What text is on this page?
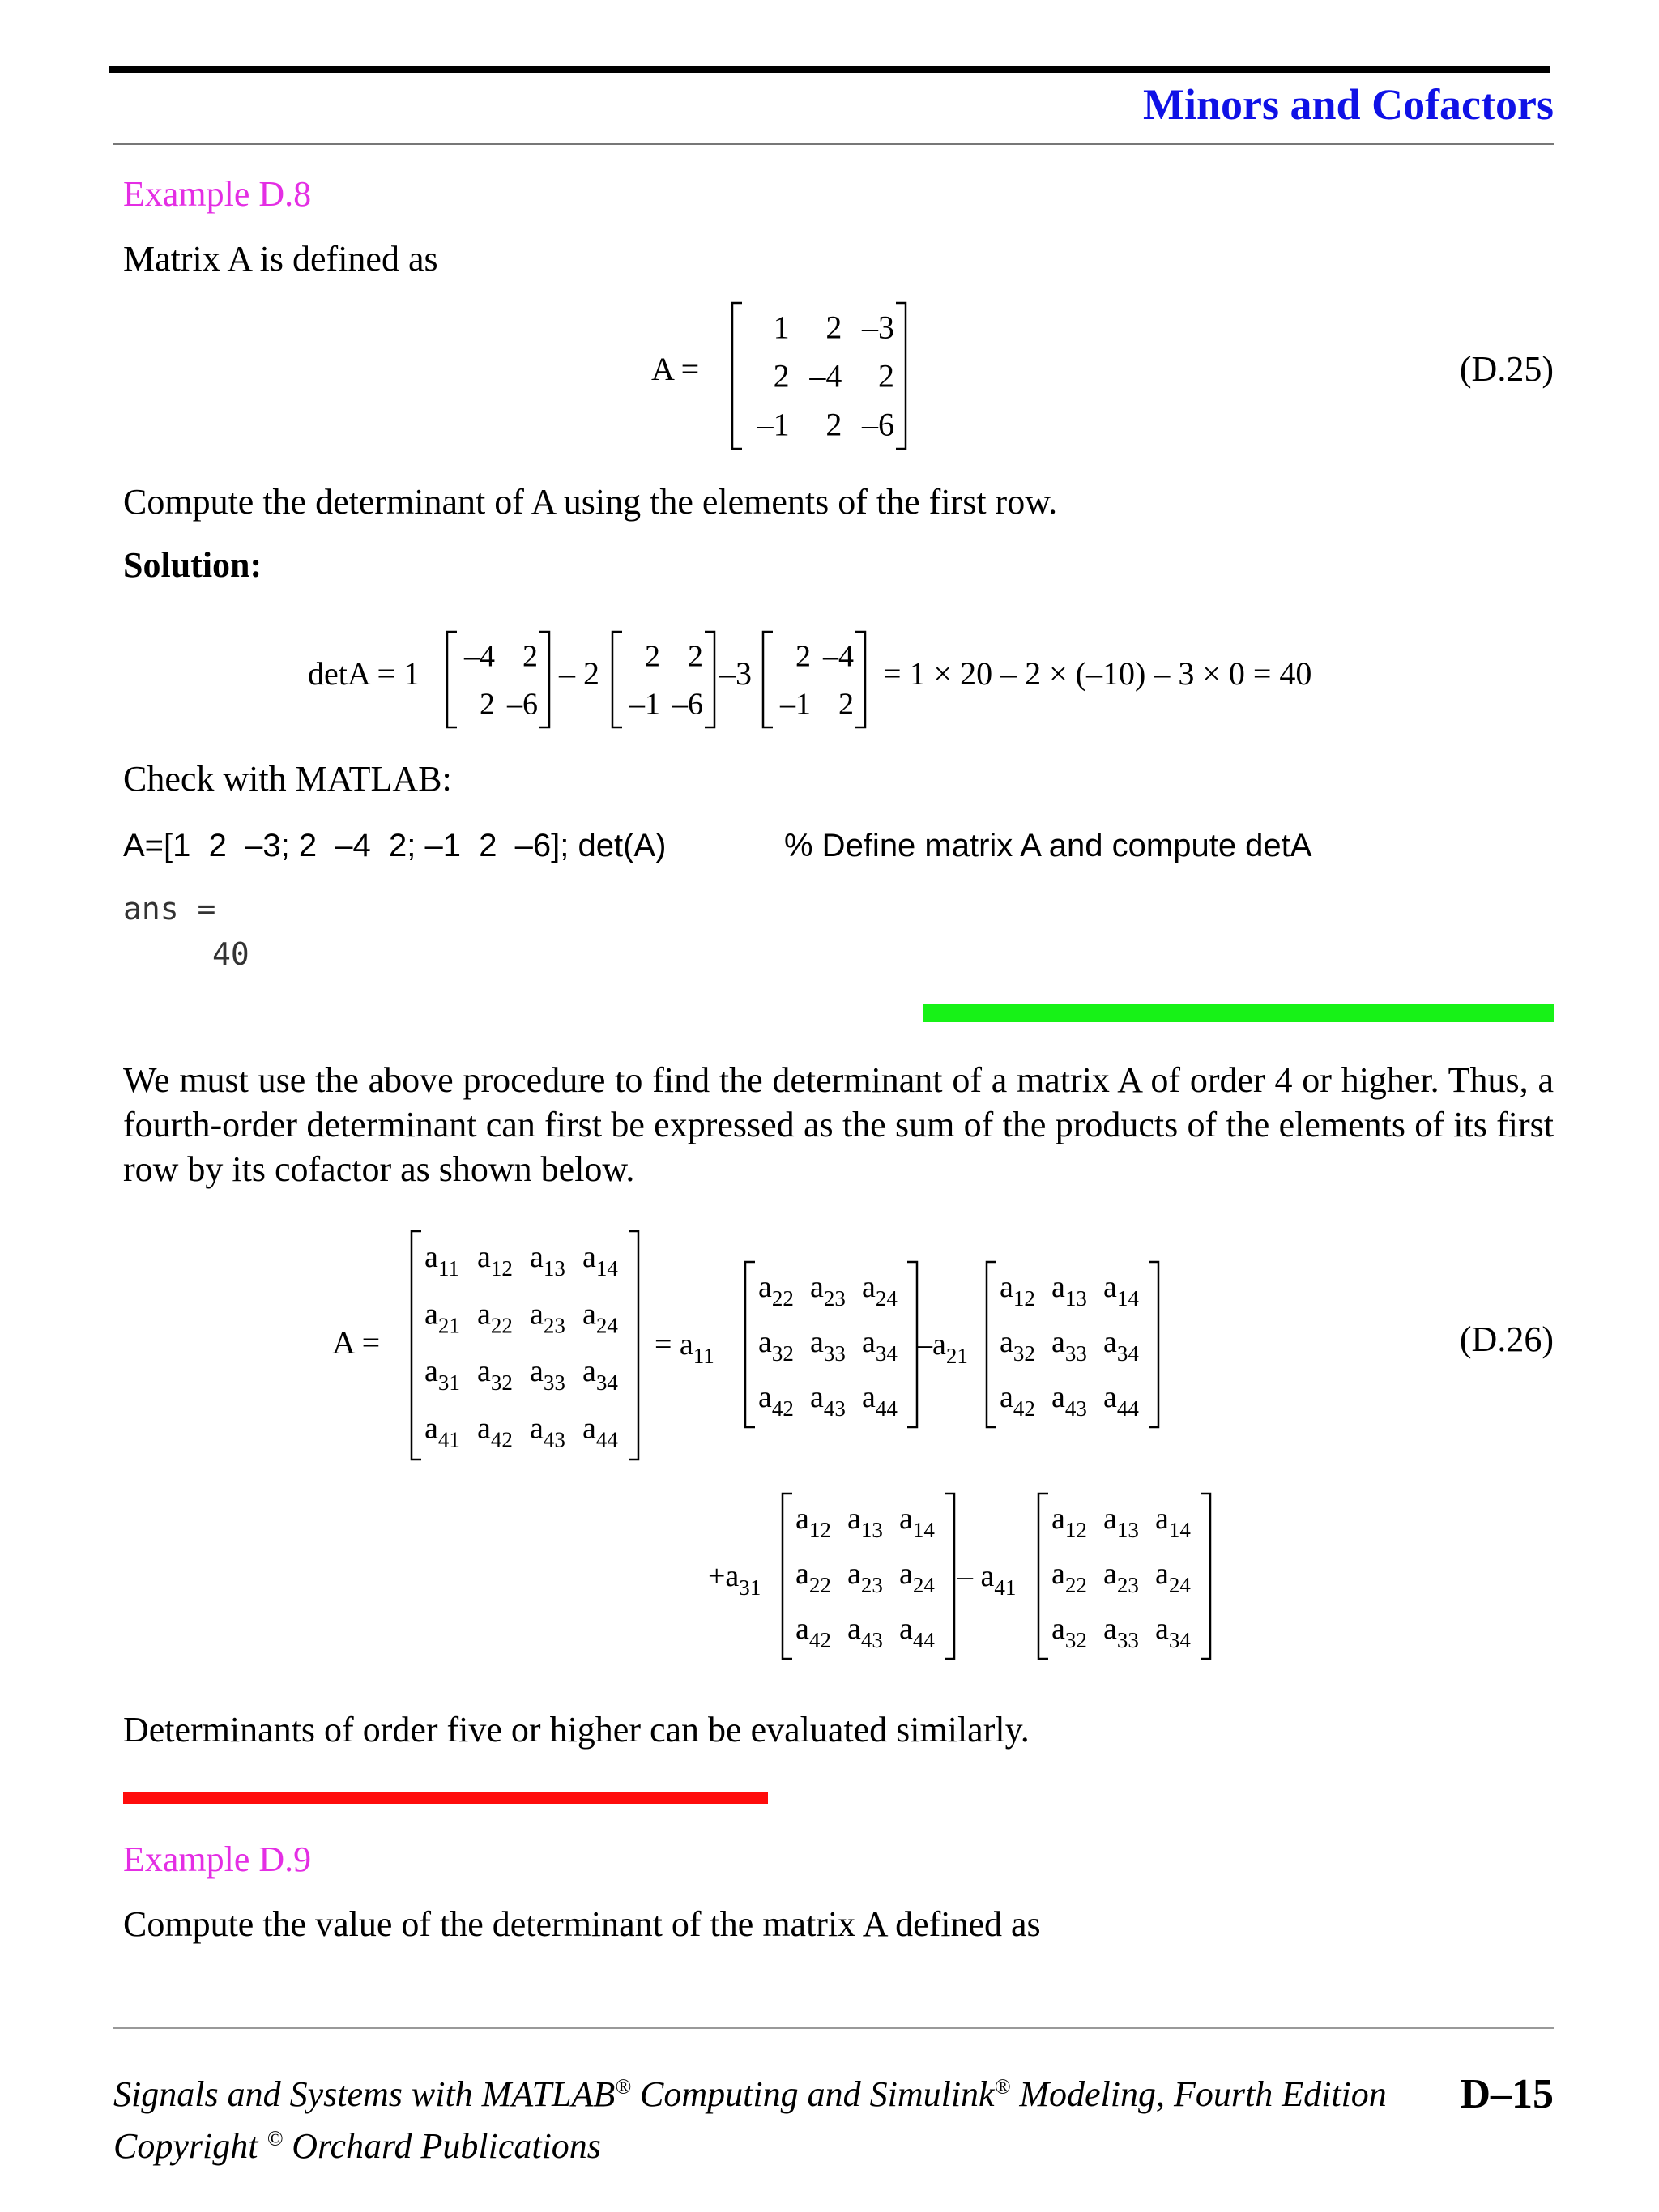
Minors and Cofactors
Example D.8
Matrix A is defined as
A =
1 2 –3
2 –4 2
–1 2 –6
(D.25)
Compute the determinant of A using the elements of the first row.
Solution:
detA = 1 –4 2
2 –6
– 2 2 2
–1 –6
–3 2 –4
–1 2
= 1 × 20 – 2 × (–10) – 3 × 0 = 40
Check with MATLAB:
A=[1  2  –3; 2  –4  2; –1  2  –6]; det(A)	% Define matrix A and compute detA
ans =
40
We must use the above procedure to find the determinant of a matrix A of order 4 or higher. Thus, a fourth-order determinant can first be expressed as the sum of the products of the elements of its first row by its cofactor as shown below.
A =
$a_{11}$ $a_{12}$ $a_{13}$ $a_{14}$
$a_{21}$ $a_{22}$ $a_{23}$ $a_{24}$
$a_{31}$ $a_{32}$ $a_{33}$ $a_{34}$
$a_{41}$ $a_{42}$ $a_{43}$ $a_{44}$
= $a_{11}$
$a_{22}$ $a_{23}$ $a_{24}$
$a_{32}$ $a_{33}$ $a_{34}$
$a_{42}$ $a_{43}$ $a_{44}$
$-a_{21}$
$a_{12}$ $a_{13}$ $a_{14}$
$a_{32}$ $a_{33}$ $a_{34}$
$a_{42}$ $a_{43}$ $a_{44}$
(D.26)
$+a_{31}$
$a_{12}$ $a_{13}$ $a_{14}$
$a_{22}$ $a_{23}$ $a_{24}$
$a_{42}$ $a_{43}$ $a_{44}$
– $a_{41}$
$a_{12}$ $a_{13}$ $a_{14}$
$a_{22}$ $a_{23}$ $a_{24}$
$a_{32}$ $a_{33}$ $a_{34}$
Determinants of order five or higher can be evaluated similarly.
Example D.9
Compute the value of the determinant of the matrix A defined as
Signals and Systems with MATLAB® Computing and Simulink® Modeling, Fourth Edition
Copyright © Orchard Publications
D–15
